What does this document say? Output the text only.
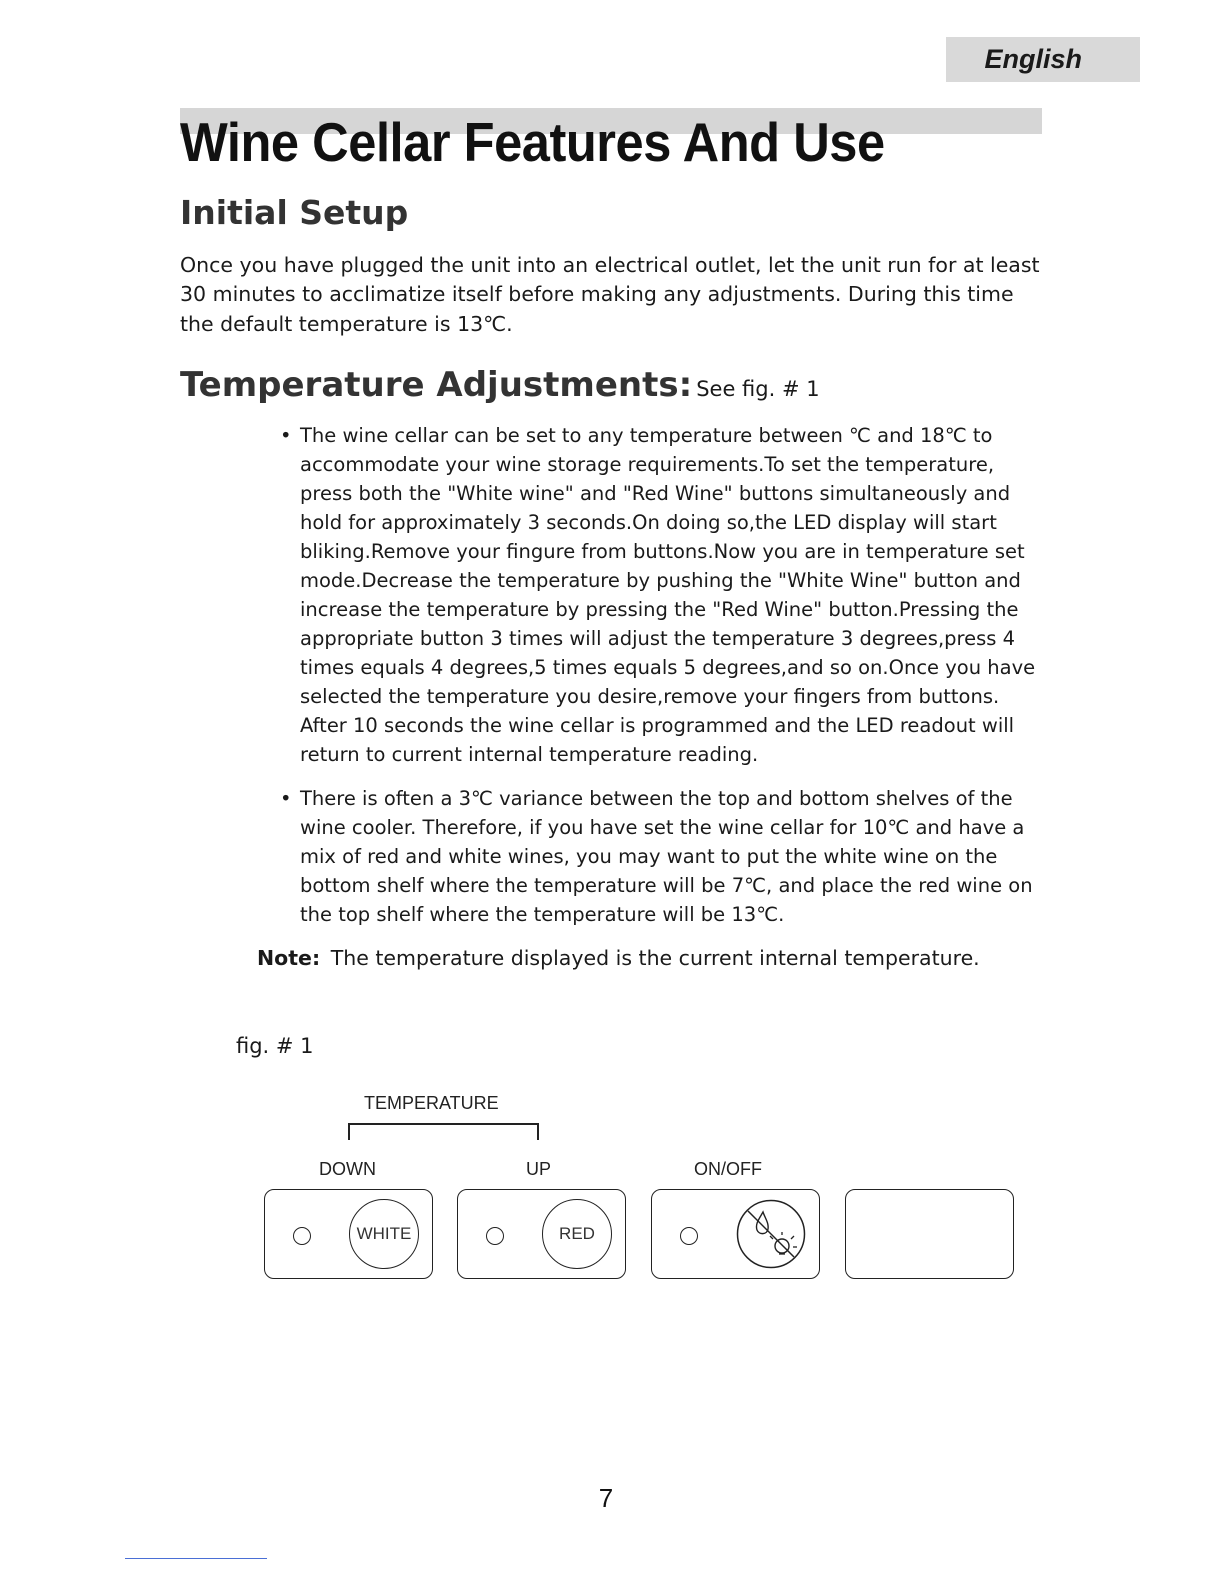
English
Wine Cellar Features And Use
Initial Setup

Once you have plugged the unit into an electrical outlet, let the unit run for at least 30 minutes to acclimatize itself before making any adjustments. During this time the default temperature is 13℃.

Temperature Adjustments: See fig. # 1
• The wine cellar can be set to any temperature between ℃ and 18℃ to accommodate your wine storage requirements.To set the temperature, press both the "White wine" and "Red Wine" buttons simultaneously and hold for approximately 3 seconds.On doing so,the LED display will start bliking.Remove your fingure from buttons.Now you are in temperature set mode.Decrease the temperature by pushing the "White Wine" button and increase the temperature by pressing the "Red Wine" button.Pressing the appropriate button 3 times will adjust the temperature 3 degrees,press 4 times equals 4 degrees,5 times equals 5 degrees,and so on.Once you have selected the temperature you desire,remove your fingers from buttons. After 10 seconds the wine cellar is programmed and the LED readout will return to current internal temperature reading.
• There is often a 3℃ variance between the top and bottom shelves of the wine cooler. Therefore, if you have set the wine cellar for 10℃ and have a mix of red and white wines, you may want to put the white wine on the bottom shelf where the temperature will be 7℃, and place the red wine on the top shelf where the temperature will be 13℃.

Note: The temperature displayed is the current internal temperature.

fig. # 1

TEMPERATURE
DOWN	UP	ON/OFF
WHITE	RED
7
